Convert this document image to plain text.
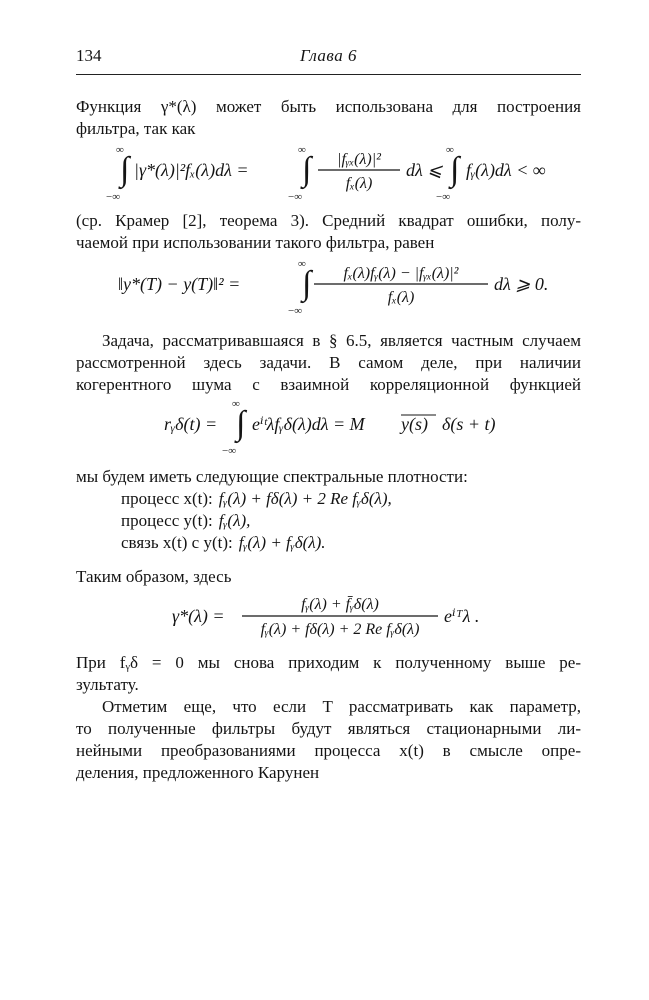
134	Глава 6
Функция γ*(λ) может быть использована для построения
фильтра, так как
∞
∫
−∞
|γ*(λ)|²fₓ(λ)dλ =
∞
∫
−∞
|fᵧₓ(λ)|²
fₓ(λ)
dλ ⩽
∞
∫
−∞
fᵧ(λ)dλ < ∞
(ср. Крамер [2], теорема 3). Средний квадрат ошибки, полу-
чаемой при использовании такого фильтра, равен
‖y*(T) − y(T)‖² =
∞
∫
−∞
fₓ(λ)fᵧ(λ) − |fᵧₓ(λ)|²
fₓ(λ)
dλ ⩾ 0.
Задача, рассматривавшаяся в § 6.5, является частным случаем
рассмотренной здесь задачи. В самом деле, при наличии
когерентного шума с взаимной корреляционной функцией
rᵧδ(t) =
∞
∫
−∞
eⁱᵗλfᵧδ(λ)dλ = M y(s) δ(s + t)
мы будем иметь следующие спектральные плотности:
процесс x(t): fᵧ(λ) + fδ(λ) + 2 Re fᵧδ(λ),
процесс y(t): fᵧ(λ),
связь x(t) с y(t): fᵧ(λ) + fᵧδ(λ).
Таким образом, здесь
γ*(λ) =
fᵧ(λ) + f̄ᵧδ(λ)
fᵧ(λ) + fδ(λ) + 2 Re fᵧδ(λ)
eⁱᵀλ .
При fᵧδ = 0 мы снова приходим к полученному выше ре-
зультату.
Отметим еще, что если T рассматривать как параметр,
то полученные фильтры будут являться стационарными ли-
нейными преобразованиями процесса x(t) в смысле опре-
деления, предложенного Карунен
